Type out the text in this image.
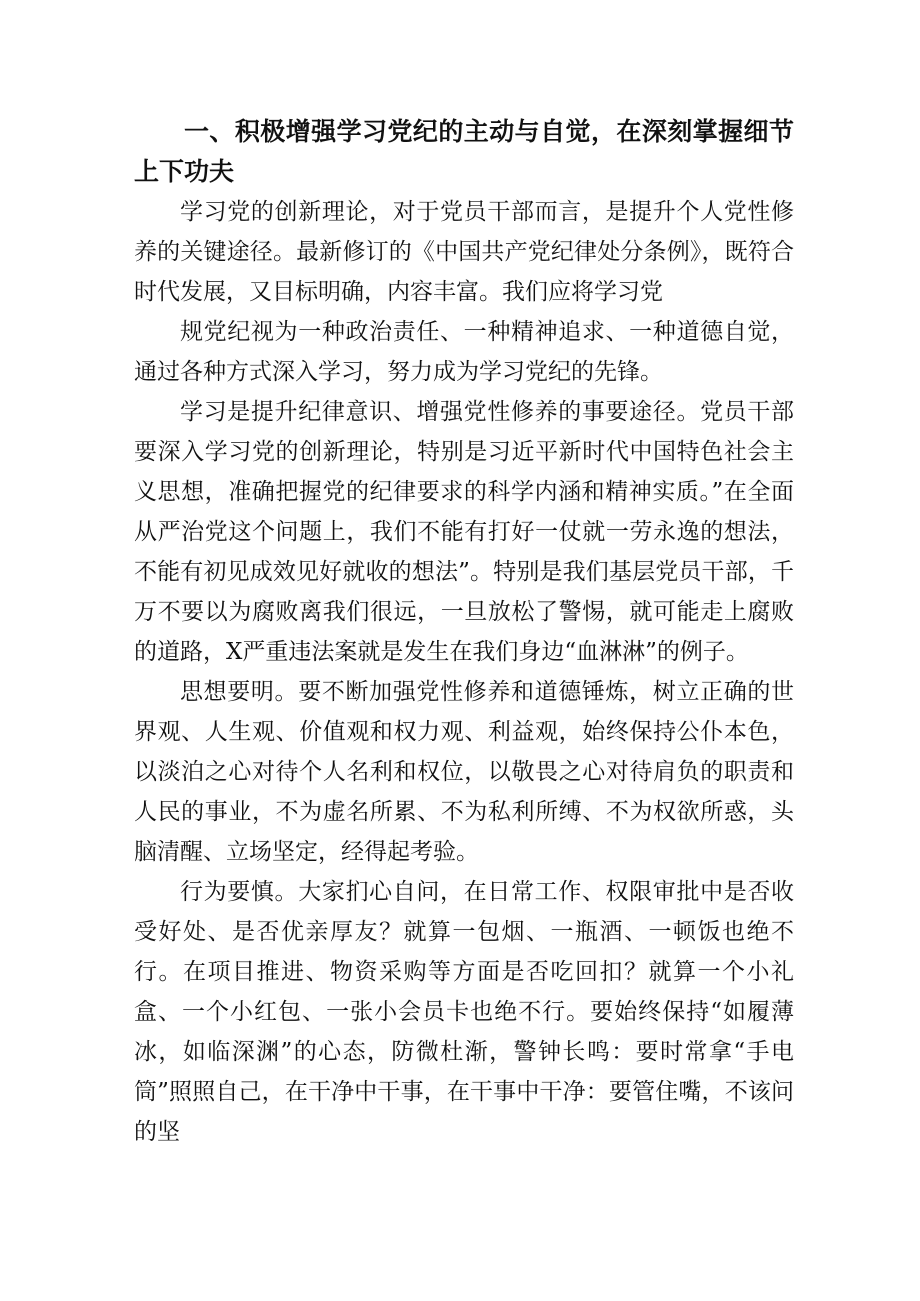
一、积极增强学习党纪的主动与自觉，在深刻掌握细节上下功夫

学习党的创新理论，对于党员干部而言，是提升个人党性修养的关键途径。最新修订的《中国共产党纪律处分条例》，既符合时代发展，又目标明确，内容丰富。我们应将学习党

规党纪视为一种政治责任、一种精神追求、一种道德自觉，通过各种方式深入学习，努力成为学习党纪的先锋。

学习是提升纪律意识、增强党性修养的事要途径。党员干部要深入学习党的创新理论，特别是习近平新时代中国特色社会主义思想，准确把握党的纪律要求的科学内涵和精神实质。”在全面从严治党这个问题上，我们不能有打好一仗就一劳永逸的想法，不能有初见成效见好就收的想法”。特别是我们基层党员干部，千万不要以为腐败离我们很远，一旦放松了警惕，就可能走上腐败的道路，X严重违法案就是发生在我们身边“血淋淋”的例子。

思想要明。要不断加强党性修养和道德锤炼，树立正确的世界观、人生观、价值观和权力观、利益观，始终保持公仆本色，以淡泊之心对待个人名利和权位，以敬畏之心对待肩负的职责和人民的事业，不为虚名所累、不为私利所缚、不为权欲所惑，头脑清醒、立场坚定，经得起考验。

行为要慎。大家扪心自问，在日常工作、权限审批中是否收受好处、是否优亲厚友？就算一包烟、一瓶酒、一顿饭也绝不行。在项目推进、物资采购等方面是否吃回扣？就算一个小礼盒、一个小红包、一张小会员卡也绝不行。要始终保持“如履薄冰，如临深渊”的心态，防微杜渐，警钟长鸣：要时常拿“手电筒”照照自己，在干净中干事，在干事中干净：要管住嘴，不该问的坚
